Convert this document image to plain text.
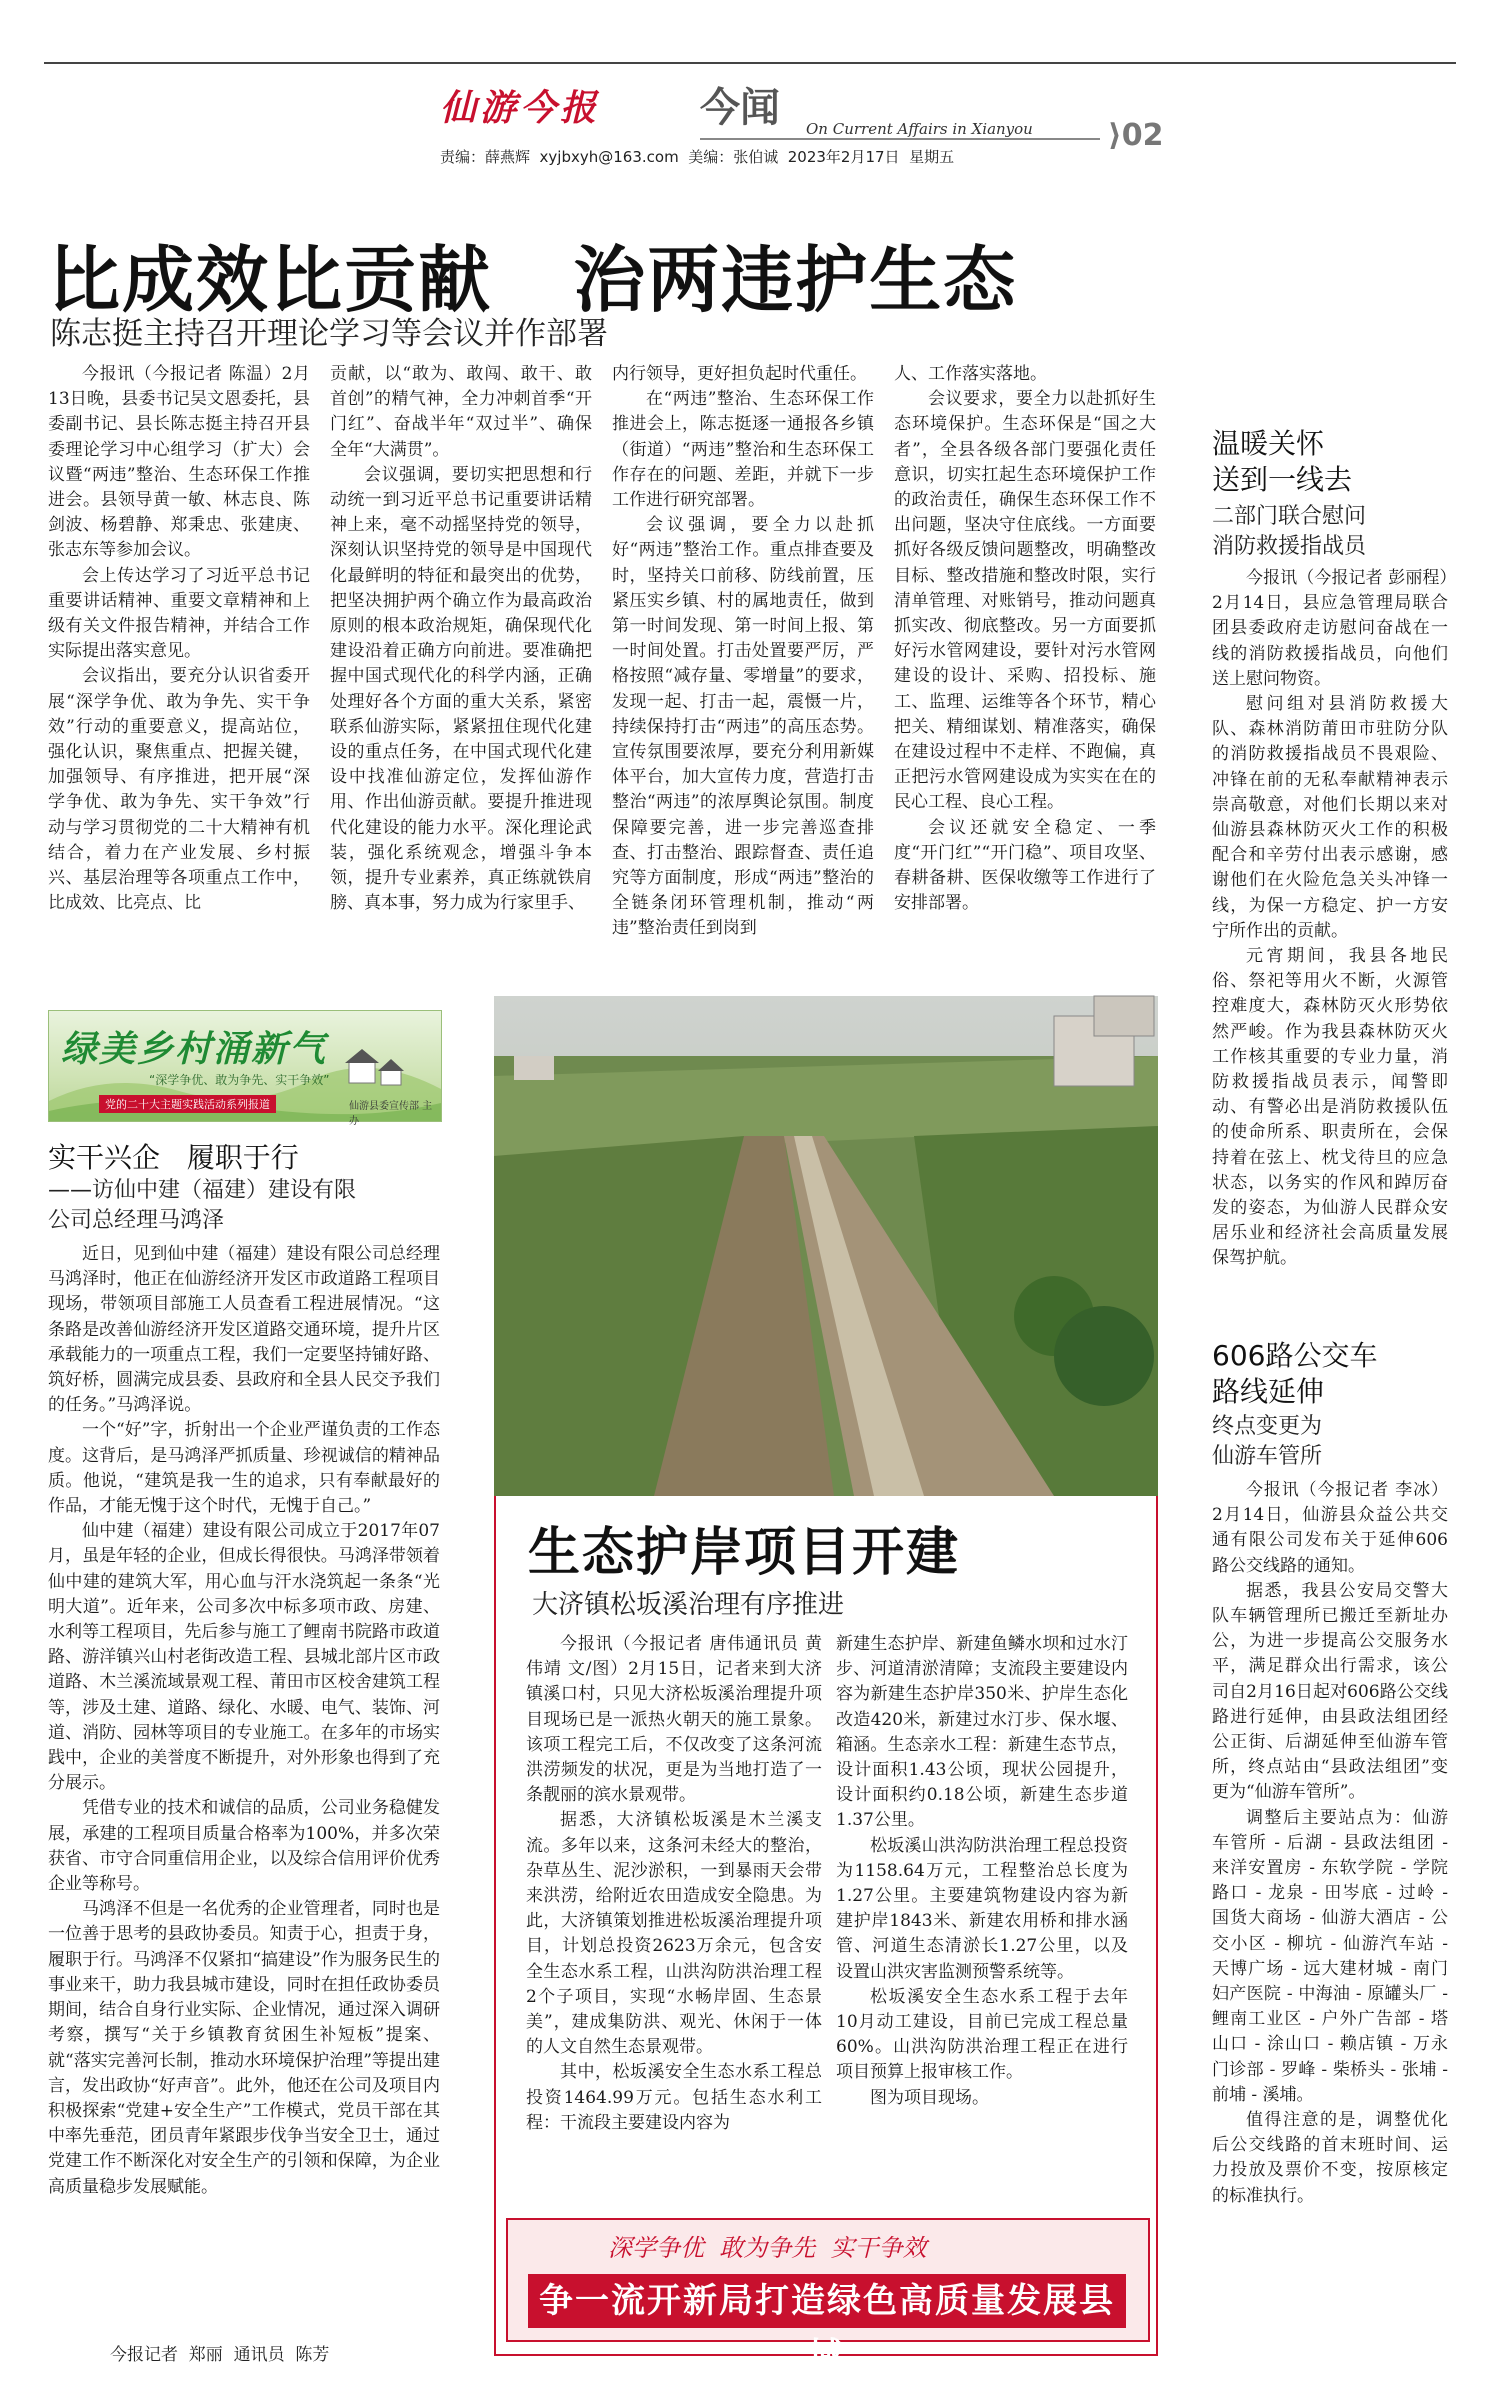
仙游今报 今闻 On Current Affairs in Xianyou	⟩02
责编：薛燕辉  xyjbxyh@163.com  美编：张伯诚  2023年2月17日  星期五
比成效比贡献   治两违护生态
陈志挺主持召开理论学习等会议并作部署

今报讯（今报记者 陈温）2月13日晚，县委书记吴文恩委托，县委副书记、县长陈志挺主持召开县委理论学习中心组学习（扩大）会议暨“两违”整治、生态环保工作推进会。县领导黄一敏、林志良、陈剑波、杨碧静、郑秉忠、张建庚、张志东等参加会议。

会上传达学习了习近平总书记重要讲话精神、重要文章精神和上级有关文件报告精神，并结合工作实际提出落实意见。

会议指出，要充分认识省委开展“深学争优、敢为争先、实干争效”行动的重要意义，提高站位，强化认识，聚焦重点、把握关键，加强领导、有序推进，把开展“深学争优、敢为争先、实干争效”行动与学习贯彻党的二十大精神有机结合，着力在产业发展、乡村振兴、基层治理等各项重点工作中，比成效、比亮点、比

贡献，以“敢为、敢闯、敢干、敢首创”的精气神，全力冲刺首季“开门红”、奋战半年“双过半”、确保全年“大满贯”。

会议强调，要切实把思想和行动统一到习近平总书记重要讲话精神上来，毫不动摇坚持党的领导，深刻认识坚持党的领导是中国现代化最鲜明的特征和最突出的优势，把坚决拥护两个确立作为最高政治原则的根本政治规矩，确保现代化建设沿着正确方向前进。要准确把握中国式现代化的科学内涵，正确处理好各个方面的重大关系，紧密联系仙游实际，紧紧扭住现代化建设的重点任务，在中国式现代化建设中找准仙游定位，发挥仙游作用、作出仙游贡献。要提升推进现代化建设的能力水平。深化理论武装，强化系统观念，增强斗争本领，提升专业素养，真正练就铁肩膀、真本事，努力成为行家里手、

内行领导，更好担负起时代重任。

在“两违”整治、生态环保工作推进会上，陈志挺逐一通报各乡镇（街道）“两违”整治和生态环保工作存在的问题、差距，并就下一步工作进行研究部署。

会议强调，要全力以赴抓好“两违”整治工作。重点排查要及时，坚持关口前移、防线前置，压紧压实乡镇、村的属地责任，做到第一时间发现、第一时间上报、第一时间处置。打击处置要严厉，严格按照“减存量、零增量”的要求，发现一起、打击一起，震慑一片，持续保持打击“两违”的高压态势。宣传氛围要浓厚，要充分利用新媒体平台，加大宣传力度，营造打击整治“两违”的浓厚舆论氛围。制度保障要完善，进一步完善巡查排查、打击整治、跟踪督查、责任追究等方面制度，形成“两违”整治的全链条闭环管理机制，推动“两违”整治责任到岗到

人、工作落实落地。

会议要求，要全力以赴抓好生态环境保护。生态环保是“国之大者”，全县各级各部门要强化责任意识，切实扛起生态环境保护工作的政治责任，确保生态环保工作不出问题，坚决守住底线。一方面要抓好各级反馈问题整改，明确整改目标、整改措施和整改时限，实行清单管理、对账销号，推动问题真抓实改、彻底整改。另一方面要抓好污水管网建设，要针对污水管网建设的设计、采购、招投标、施工、监理、运维等各个环节，精心把关、精细谋划、精准落实，确保在建设过程中不走样、不跑偏，真正把污水管网建设成为实实在在的民心工程、良心工程。

会议还就安全稳定、一季度“开门红”“开门稳”、项目攻坚、春耕备耕、医保收缴等工作进行了安排部署。

温暖关怀
送到一线去
二部门联合慰问
消防救援指战员

今报讯（今报记者 彭丽程）2月14日，县应急管理局联合团县委政府走访慰问奋战在一线的消防救援指战员，向他们送上慰问物资。

慰问组对县消防救援大队、森林消防莆田市驻防分队的消防救援指战员不畏艰险、冲锋在前的无私奉献精神表示崇高敬意，对他们长期以来对仙游县森林防灭火工作的积极配合和辛劳付出表示感谢，感谢他们在火险危急关头冲锋一线，为保一方稳定、护一方安宁所作出的贡献。

元宵期间，我县各地民俗、祭祀等用火不断，火源管控难度大，森林防灭火形势依然严峻。作为我县森林防灭火工作核其重要的专业力量，消防救援指战员表示，闻警即动、有警必出是消防救援队伍的使命所系、职责所在，会保持着在弦上、枕戈待旦的应急状态，以务实的作风和踔厉奋发的姿态，为仙游人民群众安居乐业和经济社会高质量发展保驾护航。

606路公交车
路线延伸
终点变更为
仙游车管所

今报讯（今报记者 李冰）2月14日，仙游县众益公共交通有限公司发布关于延伸606路公交线路的通知。

据悉，我县公安局交警大队车辆管理所已搬迁至新址办公，为进一步提高公交服务水平，满足群众出行需求，该公司自2月16日起对606路公交线路进行延伸，由县政法组团经公正街、后湖延伸至仙游车管所，终点站由“县政法组团”变更为“仙游车管所”。

调整后主要站点为：仙游车管所 - 后湖 - 县政法组团 - 来洋安置房 - 东软学院 - 学院路口 - 龙泉 - 田岑底 - 过岭 - 国货大商场 - 仙游大酒店 - 公交小区 - 柳坑 - 仙游汽车站 - 天博广场 - 远大建材城 - 南门妇产医院 - 中海油 - 原罐头厂 - 鲤南工业区 - 户外广告部 - 塔山口 - 涂山口 - 赖店镇 - 万永门诊部 - 罗峰 - 柴桥头 - 张埔 - 前埔 - 溪埔。

值得注意的是，调整优化后公交线路的首末班时间、运力投放及票价不变，按原核定的标准执行。

绿美乡村涌新气
“深学争优、敢为争先、实干争效”
党的二十大主题实践活动系列报道	仙游县委宣传部 主办
实干兴企   履职于行
——访仙中建（福建）建设有限
公司总经理马鸿泽

近日，见到仙中建（福建）建设有限公司总经理马鸿泽时，他正在仙游经济开发区市政道路工程项目现场，带领项目部施工人员查看工程进展情况。“这条路是改善仙游经济开发区道路交通环境，提升片区承载能力的一项重点工程，我们一定要坚持铺好路、筑好桥，圆满完成县委、县政府和全县人民交予我们的任务。”马鸿泽说。

一个“好”字，折射出一个企业严谨负责的工作态度。这背后，是马鸿泽严抓质量、珍视诚信的精神品质。他说，“建筑是我一生的追求，只有奉献最好的作品，才能无愧于这个时代，无愧于自己。”

仙中建（福建）建设有限公司成立于2017年07月，虽是年轻的企业，但成长得很快。马鸿泽带领着仙中建的建筑大军，用心血与汗水浇筑起一条条“光明大道”。近年来，公司多次中标多项市政、房建、水利等工程项目，先后参与施工了鲤南书院路市政道路、游洋镇兴山村老街改造工程、县城北部片区市政道路、木兰溪流域景观工程、莆田市区校舍建筑工程等，涉及土建、道路、绿化、水暖、电气、装饰、河道、消防、园林等项目的专业施工。在多年的市场实践中，企业的美誉度不断提升，对外形象也得到了充分展示。

凭借专业的技术和诚信的品质，公司业务稳健发展，承建的工程项目质量合格率为100%，并多次荣获省、市守合同重信用企业，以及综合信用评价优秀企业等称号。

马鸿泽不但是一名优秀的企业管理者，同时也是一位善于思考的县政协委员。知责于心，担责于身，履职于行。马鸿泽不仅紧扣“搞建设”作为服务民生的事业来干，助力我县城市建设，同时在担任政协委员期间，结合自身行业实际、企业情况，通过深入调研考察，撰写“关于乡镇教育贫困生补短板”提案、就“落实完善河长制，推动水环境保护治理”等提出建言，发出政协“好声音”。此外，他还在公司及项目内积极探索“党建+安全生产”工作模式，党员干部在其中率先垂范，团员青年紧跟步伐争当安全卫士，通过党建工作不断深化对安全生产的引领和保障，为企业高质量稳步发展赋能。

今报记者  郑丽  通讯员  陈芳
生态护岸项目开建
大济镇松坂溪治理有序推进

今报讯（今报记者 唐伟通讯员 黄伟靖 文/图）2月15日，记者来到大济镇溪口村，只见大济松坂溪治理提升项目现场已是一派热火朝天的施工景象。该项工程完工后，不仅改变了这条河流洪涝频发的状况，更是为当地打造了一条靓丽的滨水景观带。

据悉，大济镇松坂溪是木兰溪支流。多年以来，这条河未经大的整治，杂草丛生、泥沙淤积，一到暴雨天会带来洪涝，给附近农田造成安全隐患。为此，大济镇策划推进松坂溪治理提升项目，计划总投资2623万余元，包含安全生态水系工程，山洪沟防洪治理工程2个子项目，实现“水畅岸固、生态景美”，建成集防洪、观光、休闲于一体的人文自然生态景观带。

其中，松坂溪安全生态水系工程总投资1464.99万元。包括生态水利工程：干流段主要建设内容为

新建生态护岸、新建鱼鳞水坝和过水汀步、河道清淤清障；支流段主要建设内容为新建生态护岸350米、护岸生态化改造420米，新建过水汀步、保水堰、箱涵。生态亲水工程：新建生态节点，设计面积1.43公顷，现状公园提升，设计面积约0.18公顷，新建生态步道1.37公里。

松坂溪山洪沟防洪治理工程总投资为1158.64万元，工程整治总长度为1.27公里。主要建筑物建设内容为新建护岸1843米、新建农用桥和排水涵管、河道生态清淤长1.27公里，以及设置山洪灾害监测预警系统等。

松坂溪安全生态水系工程于去年10月动工建设，目前已完成工程总量60%。山洪沟防洪治理工程正在进行项目预算上报审核工作。

图为项目现场。

深学争优  敢为争先  实干争效
争一流开新局打造绿色高质量发展县域
